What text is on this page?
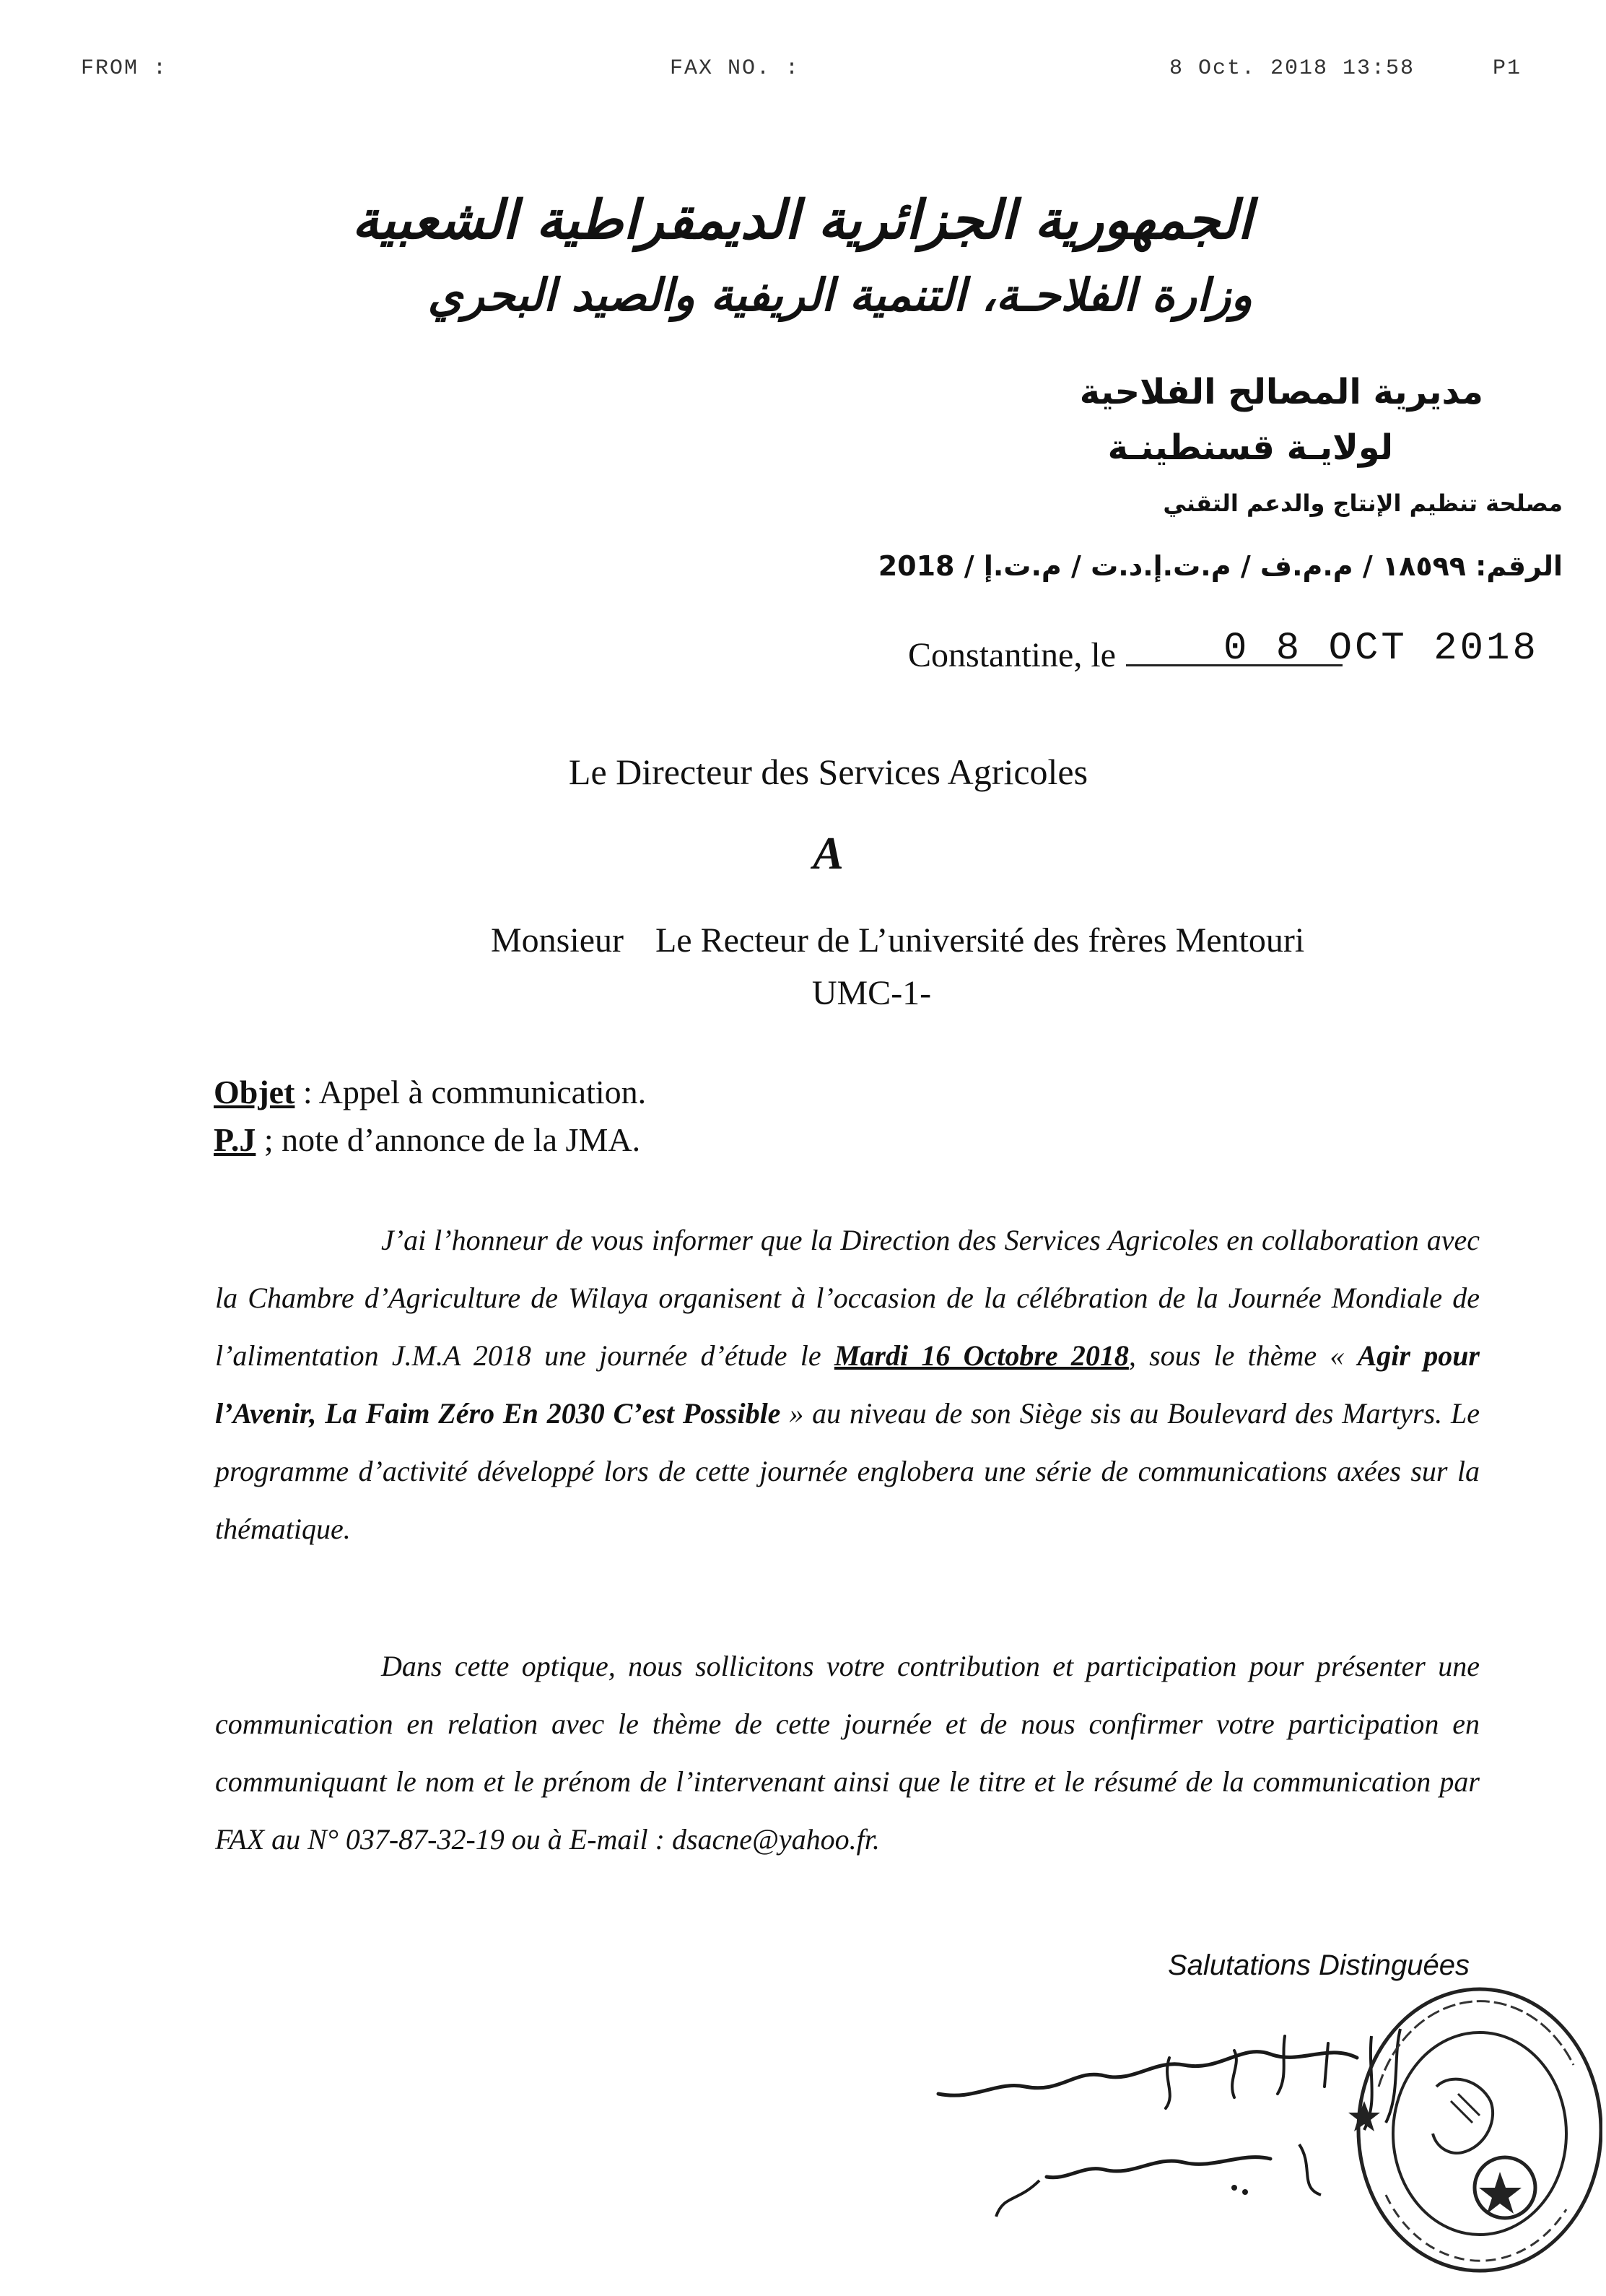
FROM :	FAX NO. :	8 Oct. 2018 13:58	P1
الجمهورية الجزائرية الديمقراطية الشعبية
وزارة الفلاحـة، التنمية الريفية والصيد البحري
مديرية المصالح الفلاحية
لولايـة قسنطينـة
مصلحة تنظيم الإنتاج والدعم التقني
الرقم: ١٨٥٩٩ / م.م.ف / م.ت.إ.د.ت / م.ت.إ / 2018
Constantine, le	0 8 OCT 2018
Le Directeur des Services Agricoles
A
Monsieur Le Recteur de L’université des frères Mentouri
UMC-1-
Objet : Appel à communication.
P.J ; note d’annonce de la JMA.
J’ai l’honneur de vous informer que la Direction des Services Agricoles en collaboration avec la Chambre d’Agriculture de Wilaya organisent à l’occasion de la célébration de la Journée Mondiale de l’alimentation J.M.A 2018 une journée d’étude le Mardi 16 Octobre 2018, sous le thème « Agir pour l’Avenir, La Faim Zéro En 2030 C’est Possible » au niveau de son Siège sis au Boulevard des Martyrs. Le programme d’activité développé lors de cette journée englobera une série de communications axées sur la thématique.
Dans cette optique, nous sollicitons votre contribution et participation pour présenter une communication en relation avec le thème de cette journée et de nous confirmer votre participation en communiquant le nom et le prénom de l’intervenant ainsi que le titre et le résumé de la communication par FAX au N° 037-87-32-19 ou à E-mail : dsacne@yahoo.fr.
Salutations Distinguées
